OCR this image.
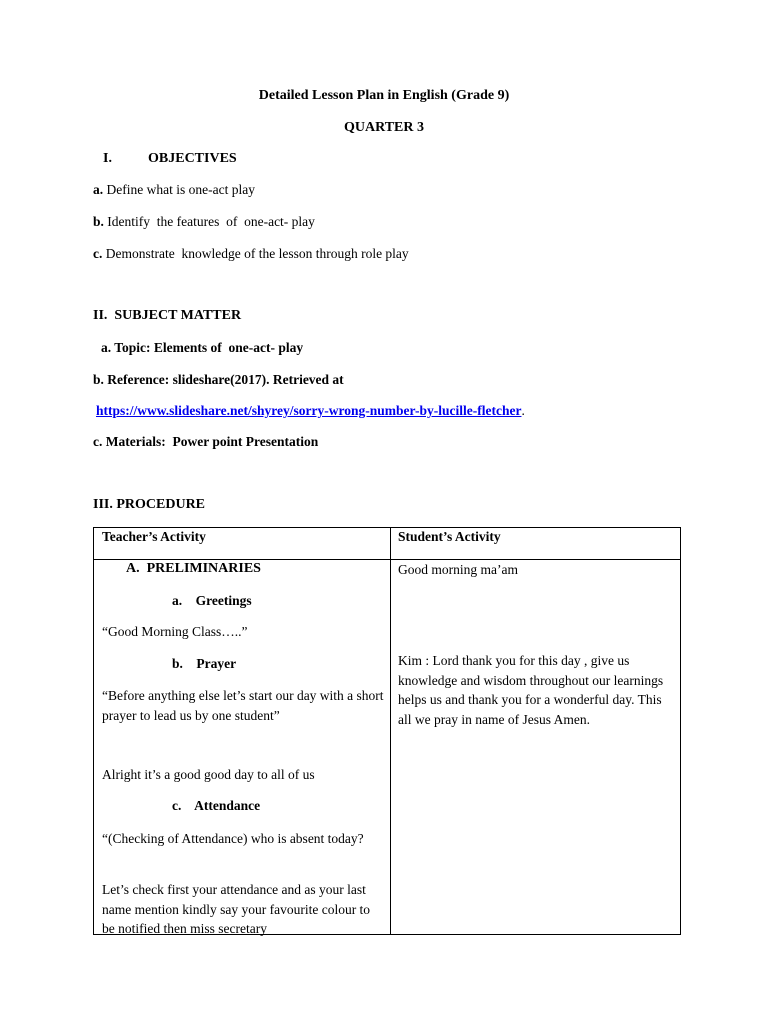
Detailed Lesson Plan in English (Grade 9)
QUARTER 3
I.	OBJECTIVES
a. Define what is one-act play
b. Identify  the features  of  one-act- play
c. Demonstrate  knowledge of the lesson through role play
II.  SUBJECT MATTER
a. Topic: Elements of  one-act- play
b. Reference: slideshare(2017). Retrieved at
https://www.slideshare.net/shyrey/sorry-wrong-number-by-lucille-fletcher.
c. Materials:  Power point Presentation
III. PROCEDURE
Teacher’s Activity	Student’s Activity
A.  PRELIMINARIES
a.    Greetings
“Good Morning Class…..”
b.    Prayer
“Before anything else let’s start our day with a short prayer to lead us by one student”
Alright it’s a good good day to all of us
c.    Attendance
“(Checking of Attendance) who is absent today?
Let’s check first your attendance and as your last name mention kindly say your favourite colour to be notified then miss secretary
Good morning ma’am
Kim : Lord thank you for this day , give us knowledge and wisdom throughout our learnings helps us and thank you for a wonderful day. This all we pray in name of Jesus Amen.
